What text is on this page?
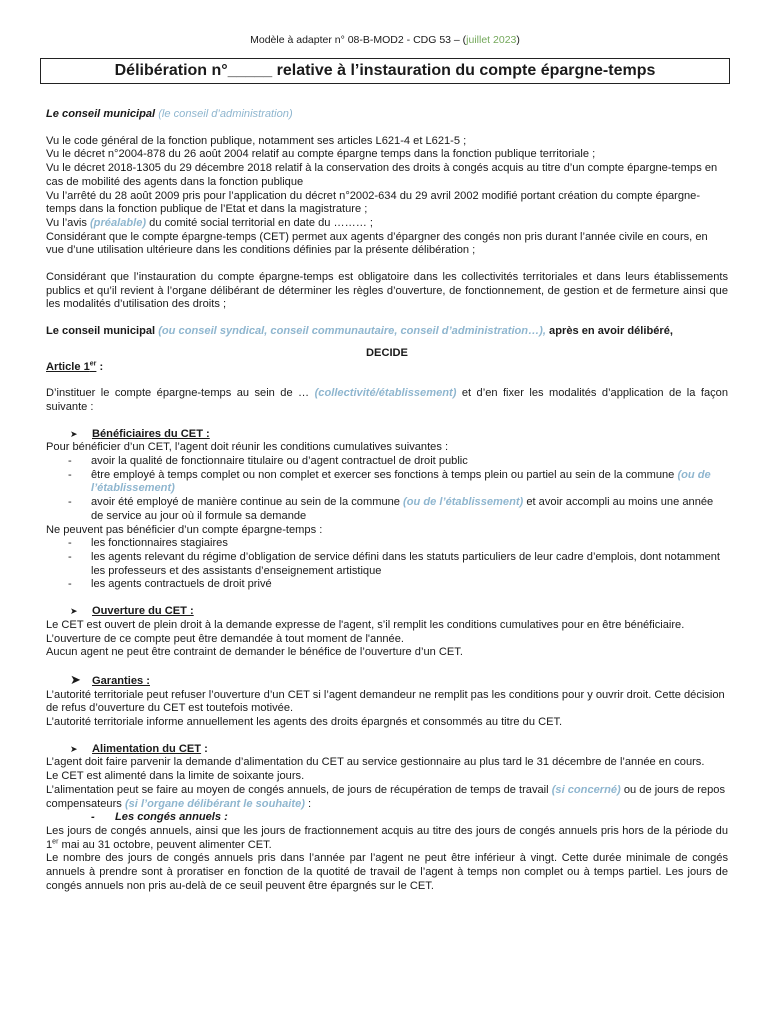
Modèle à adapter n° 08-B-MOD2 - CDG 53 – (juillet 2023)
Délibération n°_____ relative à l’instauration du compte épargne-temps

Le conseil municipal (le conseil d’administration)

Vu le code général de la fonction publique, notamment ses articles L621-4 et L621-5 ;

Vu le décret n°2004-878 du 26 août 2004 relatif au compte épargne temps dans la fonction publique territoriale ;

Vu le décret 2018-1305 du 29 décembre 2018 relatif à la conservation des droits à congés acquis au titre d’un compte épargne-temps en cas de mobilité des agents dans la fonction publique

Vu l’arrêté du 28 août 2009 pris pour l’application du décret n°2002-634 du 29 avril 2002 modifié portant création du compte épargne-temps dans la fonction publique de l’Etat et dans la magistrature ;

Vu l’avis (préalable) du comité social territorial en date du ……… ;

Considérant que le compte épargne-temps (CET) permet aux agents d’épargner des congés non pris durant l’année civile en cours, en vue d’une utilisation ultérieure dans les conditions définies par la présente délibération ;

Considérant que l’instauration du compte épargne-temps est obligatoire dans les collectivités territoriales et dans leurs établissements publics et qu’il revient à l’organe délibérant de déterminer les règles d’ouverture, de fonctionnement, de gestion et de fermeture ainsi que les modalités d’utilisation des droits ;

Le conseil municipal (ou conseil syndical, conseil communautaire, conseil d’administration…), après en avoir délibéré,

DECIDE

Article 1er :

D’instituer le compte épargne-temps au sein de … (collectivité/établissement) et d’en fixer les modalités d’application de la façon suivante :

➤ Bénéficiaires du CET :

Pour bénéficier d’un CET, l’agent doit réunir les conditions cumulatives suivantes :

- avoir la qualité de fonctionnaire titulaire ou d’agent contractuel de droit public
- être employé à temps complet ou non complet et exercer ses fonctions à temps plein ou partiel au sein de la commune (ou de l’établissement)
- avoir été employé de manière continue au sein de la commune (ou de l’établissement) et avoir accompli au moins une année de service au jour où il formule sa demande

Ne peuvent pas bénéficier d’un compte épargne-temps :

- les fonctionnaires stagiaires
- les agents relevant du régime d’obligation de service défini dans les statuts particuliers de leur cadre d’emplois, dont notamment les professeurs et des assistants d’enseignement artistique
- les agents contractuels de droit privé

➤ Ouverture du CET :

Le CET est ouvert de plein droit à la demande expresse de l'agent, s’il remplit les conditions cumulatives pour en être bénéficiaire.

L’ouverture de ce compte peut être demandée à tout moment de l'année.

Aucun agent ne peut être contraint de demander le bénéfice de l’ouverture d’un CET.

➤ Garanties :

L’autorité territoriale peut refuser l’ouverture d’un CET si l’agent demandeur ne remplit pas les conditions pour y ouvrir droit. Cette décision de refus d’ouverture du CET est toutefois motivée.

L’autorité territoriale informe annuellement les agents des droits épargnés et consommés au titre du CET.

➤ Alimentation du CET :

L’agent doit faire parvenir la demande d’alimentation du CET au service gestionnaire au plus tard le 31 décembre de l’année en cours.

Le CET est alimenté dans la limite de soixante jours.

L’alimentation peut se faire au moyen de congés annuels, de jours de récupération de temps de travail (si concerné) ou de jours de repos compensateurs (si l’organe délibérant le souhaite) :

- Les congés annuels :

Les jours de congés annuels, ainsi que les jours de fractionnement acquis au titre des jours de congés annuels pris hors de la période du 1er mai au 31 octobre, peuvent alimenter CET.

Le nombre des jours de congés annuels pris dans l’année par l’agent ne peut être inférieur à vingt. Cette durée minimale de congés annuels à prendre sont à proratiser en fonction de la quotité de travail de l’agent à temps non complet ou à temps partiel. Les jours de congés annuels non pris au-delà de ce seuil peuvent être épargnés sur le CET.
